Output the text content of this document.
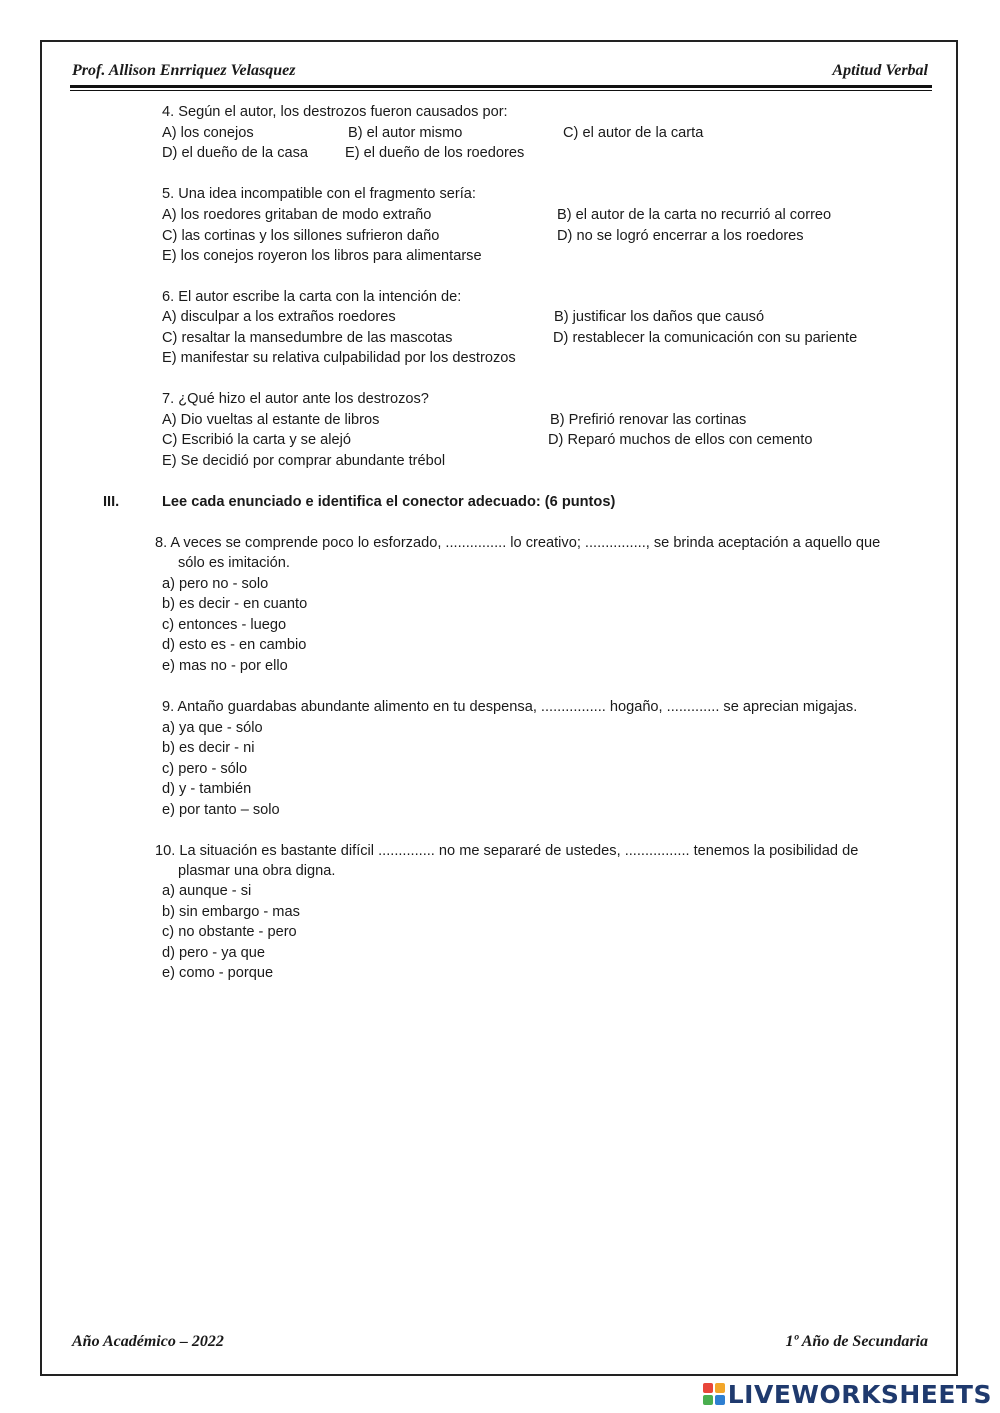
Prof. Allison Enrriquez Velasquez	Aptitud Verbal
4. Según el autor, los destrozos fueron causados por:
A) los conejos	B) el autor mismo	C) el autor de la carta
D) el dueño de la casa	E) el dueño de los roedores
5. Una idea incompatible con el fragmento sería:
A) los roedores gritaban de modo extraño	B) el autor de la carta no recurrió al correo
C) las cortinas y los sillones sufrieron daño	D) no se logró encerrar a los roedores
E) los conejos royeron los libros para alimentarse
6. El autor escribe la carta con la intención de:
A) disculpar a los extraños roedores	B) justificar los daños que causó
C) resaltar la mansedumbre de las mascotas	D) restablecer la comunicación con su pariente
E) manifestar su relativa culpabilidad por los destrozos
7. ¿Qué hizo el autor ante los destrozos?
A) Dio vueltas al estante de libros	B) Prefirió renovar las cortinas
C) Escribió la carta y se alejó	D) Reparó muchos de ellos con cemento
E) Se decidió por comprar abundante trébol
III.	Lee cada enunciado e identifica el conector adecuado: (6 puntos)
8. A veces se comprende poco lo esforzado, ............... lo creativo; ..............., se brinda aceptación a aquello que
sólo es imitación.
a) pero no - solo
b) es decir - en cuanto
c) entonces - luego
d) esto es - en cambio
e) mas no - por ello
9. Antaño guardabas abundante alimento en tu despensa, ................ hogaño, ............. se aprecian migajas.
a) ya que - sólo
b) es decir - ni
c) pero - sólo
d) y - también
e) por tanto – solo
10. La situación es bastante difícil .............. no me separaré de ustedes, ................ tenemos la posibilidad de
plasmar una obra digna.
a) aunque - si
b) sin embargo - mas
c) no obstante - pero
d) pero - ya que
e) como - porque
Año Académico – 2022	1º Año de Secundaria
LIVEWORKSHEETS
